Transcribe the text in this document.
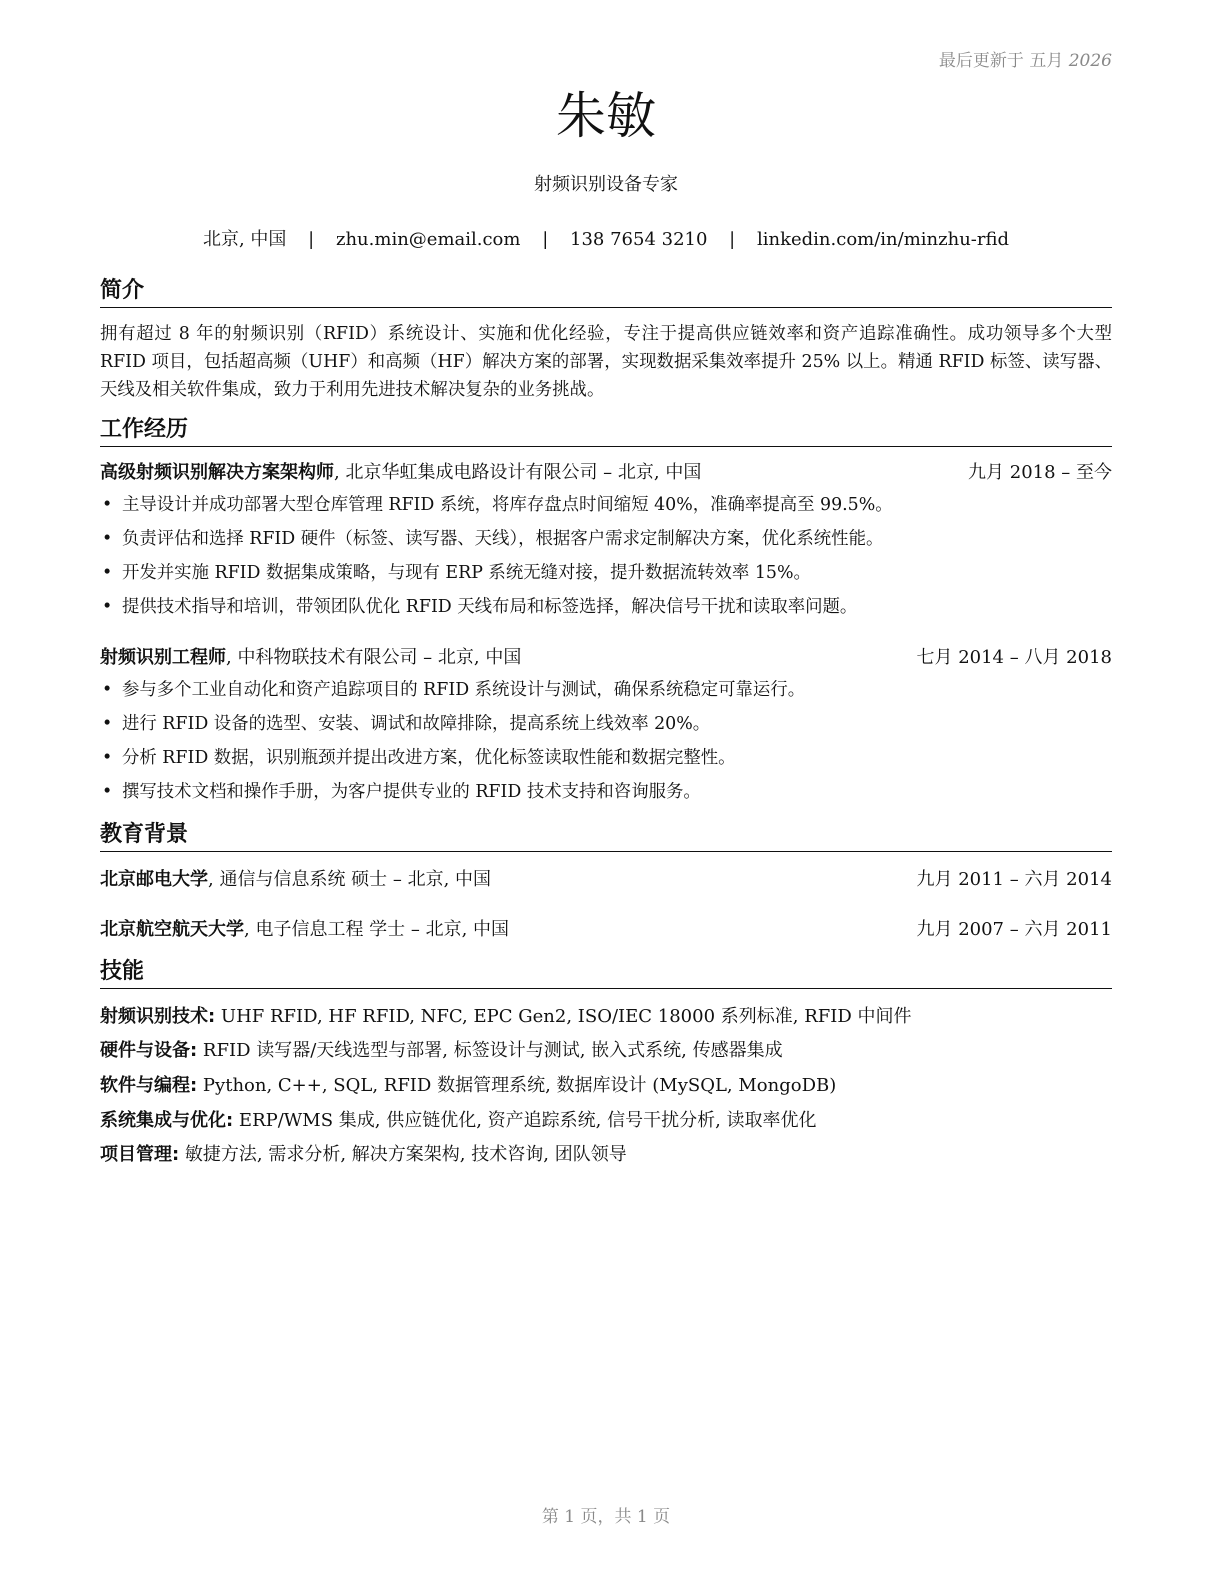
最后更新于 五月 2026
朱敏
射频识别设备专家
北京, 中国 | zhu.min@email.com | 138 7654 3210 | linkedin.com/in/minzhu-rfid
简介
拥有超过 8 年的射频识别（RFID）系统设计、实施和优化经验，专注于提高供应链效率和资产追踪准确性。成功领导多个大型 RFID 项目，包括超高频（UHF）和高频（HF）解决方案的部署，实现数据采集效率提升 25% 以上。精通 RFID 标签、读写器、天线及相关软件集成，致力于利用先进技术解决复杂的业务挑战。
工作经历
高级射频识别解决方案架构师, 北京华虹集成电路设计有限公司 – 北京, 中国	九月 2018 – 至今
• 主导设计并成功部署大型仓库管理 RFID 系统，将库存盘点时间缩短 40%，准确率提高至 99.5%。
• 负责评估和选择 RFID 硬件（标签、读写器、天线），根据客户需求定制解决方案，优化系统性能。
• 开发并实施 RFID 数据集成策略，与现有 ERP 系统无缝对接，提升数据流转效率 15%。
• 提供技术指导和培训，带领团队优化 RFID 天线布局和标签选择，解决信号干扰和读取率问题。
射频识别工程师, 中科物联技术有限公司 – 北京, 中国	七月 2014 – 八月 2018
• 参与多个工业自动化和资产追踪项目的 RFID 系统设计与测试，确保系统稳定可靠运行。
• 进行 RFID 设备的选型、安装、调试和故障排除，提高系统上线效率 20%。
• 分析 RFID 数据，识别瓶颈并提出改进方案，优化标签读取性能和数据完整性。
• 撰写技术文档和操作手册，为客户提供专业的 RFID 技术支持和咨询服务。
教育背景
北京邮电大学, 通信与信息系统 硕士 – 北京, 中国	九月 2011 – 六月 2014
北京航空航天大学, 电子信息工程 学士 – 北京, 中国	九月 2007 – 六月 2011
技能
射频识别技术: UHF RFID, HF RFID, NFC, EPC Gen2, ISO/IEC 18000 系列标准, RFID 中间件
硬件与设备: RFID 读写器/天线选型与部署, 标签设计与测试, 嵌入式系统, 传感器集成
软件与编程: Python, C++, SQL, RFID 数据管理系统, 数据库设计 (MySQL, MongoDB)
系统集成与优化: ERP/WMS 集成, 供应链优化, 资产追踪系统, 信号干扰分析, 读取率优化
项目管理: 敏捷方法, 需求分析, 解决方案架构, 技术咨询, 团队领导
第 1 页，共 1 页
